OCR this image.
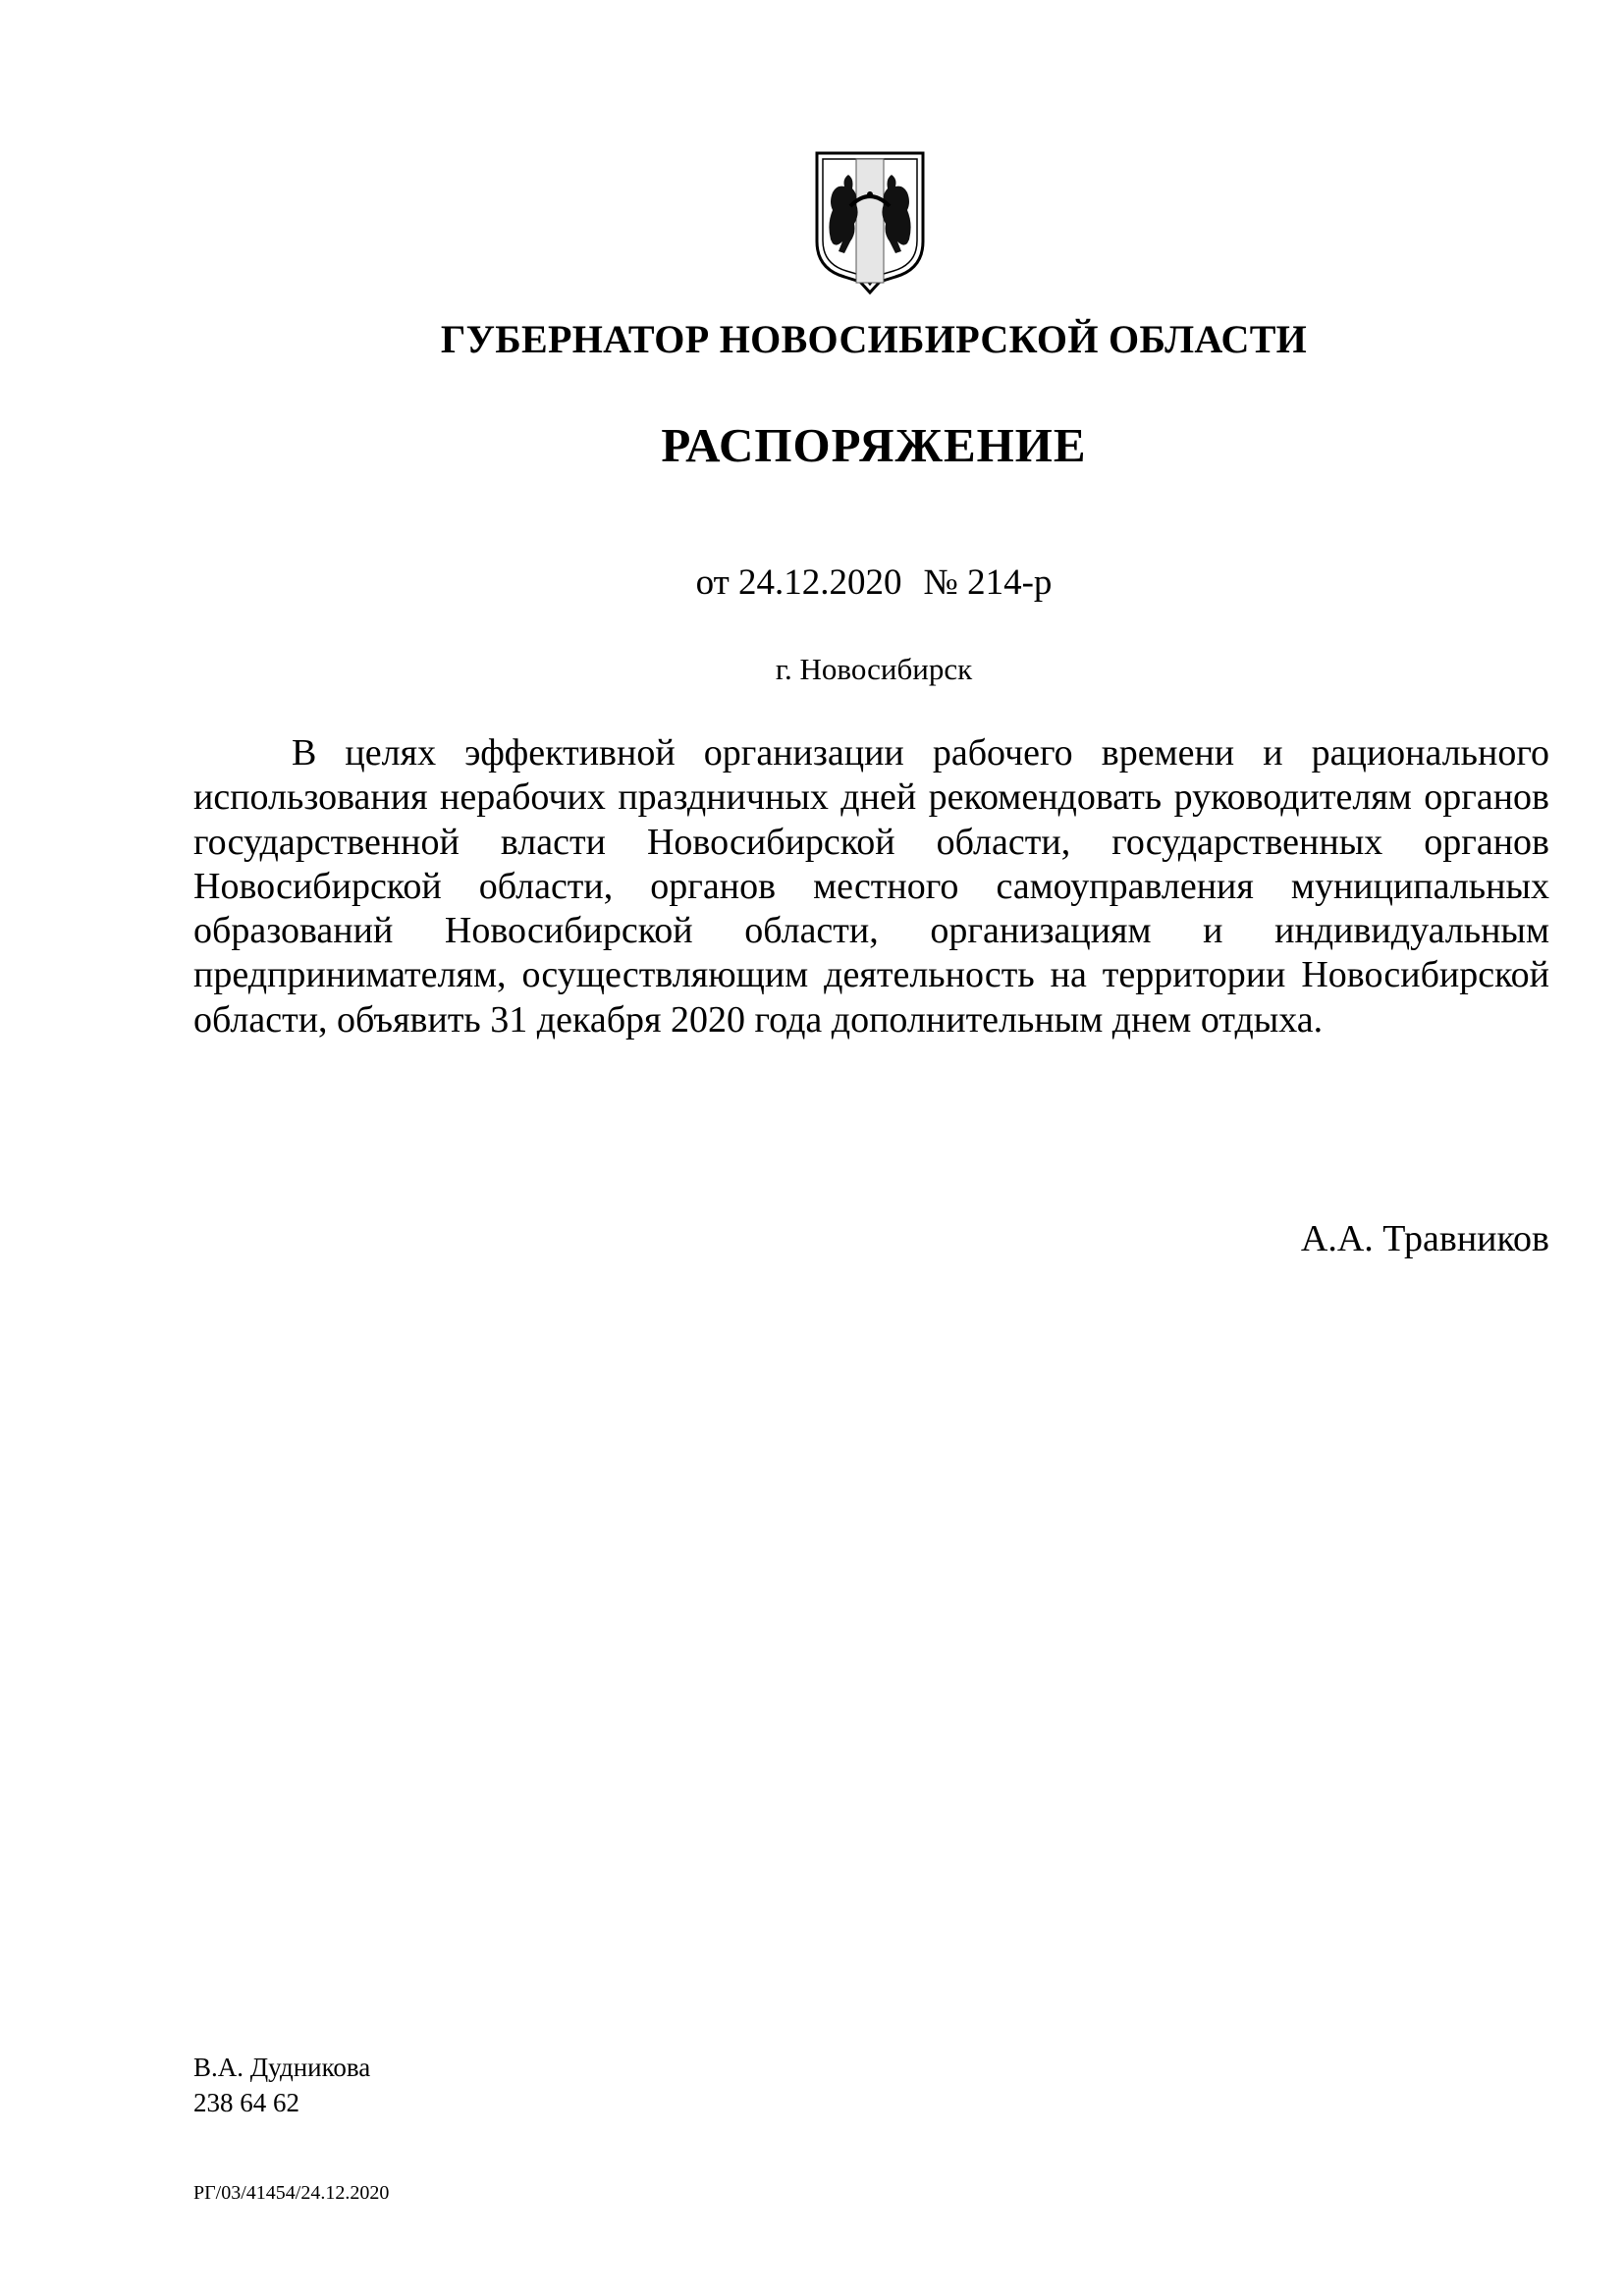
ГУБЕРНАТОР НОВОСИБИРСКОЙ ОБЛАСТИ
РАСПОРЯЖЕНИЕ
от 24.12.2020 № 214-р
г. Новосибирск

В целях эффективной организации рабочего времени и рационального использования нерабочих праздничных дней рекомендовать руководителям органов государственной власти Новосибирской области, государственных органов Новосибирской области, органов местного самоуправления муниципальных образований Новосибирской области, организациям и индивидуальным предпринимателям, осуществляющим деятельность на территории Новосибирской области, объявить 31 декабря 2020 года дополнительным днем отдыха.

А.А. Травников
В.А. Дудникова
238 64 62
РГ/03/41454/24.12.2020
